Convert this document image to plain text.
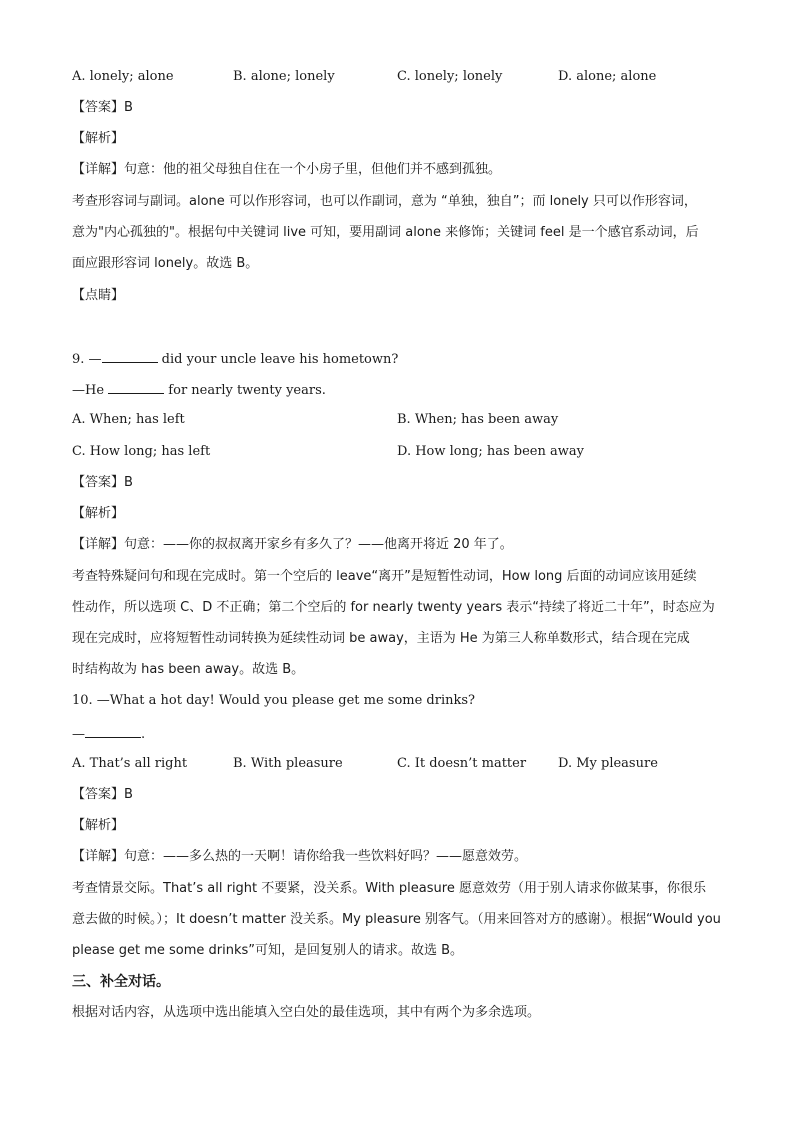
A. lonely; alone	B. alone; lonely	C. lonely; lonely	D. alone; alone
【答案】B
【解析】
【详解】句意：他的祖父母独自住在一个小房子里，但他们并不感到孤独。
考查形容词与副词。alone 可以作形容词，也可以作副词，意为 “单独，独自”；而 lonely 只可以作形容词，
意为"内心孤独的"。根据句中关键词 live 可知，要用副词 alone 来修饰；关键词 feel 是一个感官系动词，后
面应跟形容词 lonely。故选 B。
【点睛】
9. —	did your uncle leave his hometown?
—He	for nearly twenty years.
A. When; has left	B. When; has been away
C. How long; has left	D. How long; has been away
【答案】B
【解析】
【详解】句意：——你的叔叔离开家乡有多久了？——他离开将近 20 年了。
考查特殊疑问句和现在完成时。第一个空后的 leave“离开”是短暂性动词，How long 后面的动词应该用延续
性动作，所以选项 C、D 不正确；第二个空后的 for nearly twenty years 表示“持续了将近二十年”，时态应为
现在完成时，应将短暂性动词转换为延续性动词 be away，主语为 He 为第三人称单数形式，结合现在完成
时结构故为 has been away。故选 B。
10. —What a hot day! Would you please get me some drinks?
—	.
A. That’s all right	B. With pleasure	C. It doesn’t matter D. My pleasure
【答案】B
【解析】
【详解】句意：——多么热的一天啊！请你给我一些饮料好吗？——愿意效劳。
考查情景交际。That’s all right 不要紧，没关系。With pleasure 愿意效劳（用于别人请求你做某事，你很乐
意去做的时候。）；It doesn’t matter 没关系。My pleasure 别客气。（用来回答对方的感谢）。根据“Would you
please get me some drinks”可知，是回复别人的请求。故选 B。
三、补全对话。
根据对话内容，从选项中选出能填入空白处的最佳选项，其中有两个为多余选项。
